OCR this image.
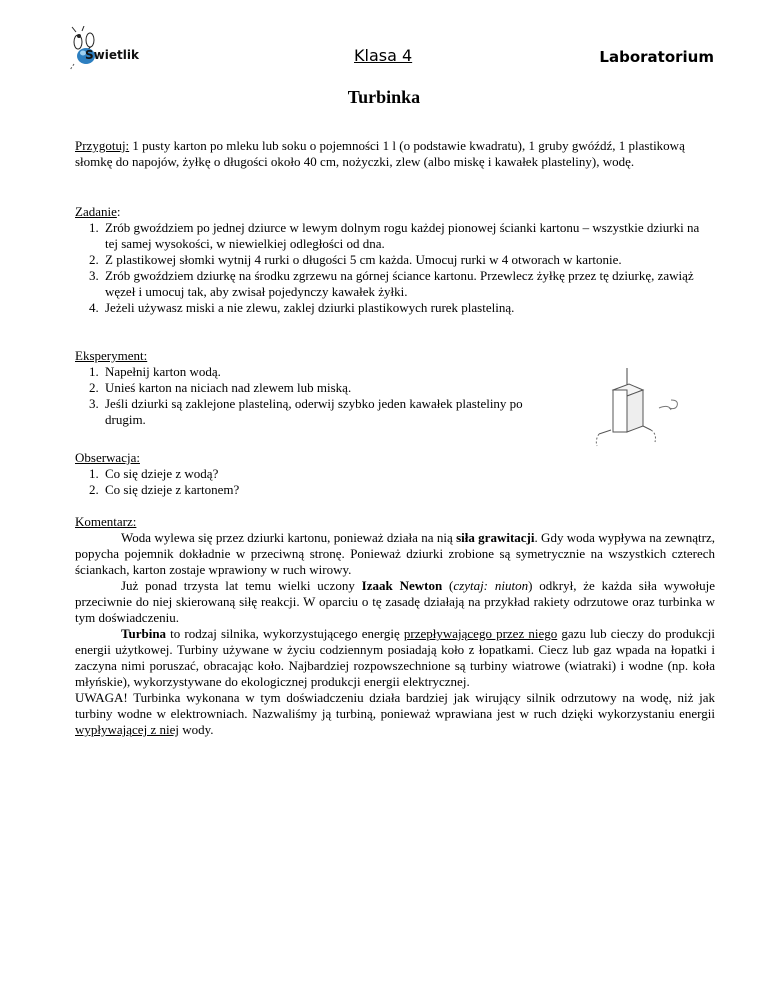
Świetlik	Klasa 4	Laboratorium
Turbinka

Przygotuj: 1 pusty karton po mleku lub soku o pojemności 1 l (o podstawie kwadratu), 1 gruby gwóźdź, 1 plastikową słomkę do napojów, żyłkę o długości około 40 cm, nożyczki, zlew (albo miskę i kawałek plasteliny), wodę.

Zadanie:

1. Zrób gwoździem po jednej dziurce w lewym dolnym rogu każdej pionowej ścianki kartonu – wszystkie dziurki na tej samej wysokości, w niewielkiej odległości od dna.
2. Z plastikowej słomki wytnij 4 rurki o długości 5 cm każda. Umocuj rurki w 4 otworach w kartonie.
3. Zrób gwoździem dziurkę na środku zgrzewu na górnej ściance kartonu. Przewlecz żyłkę przez tę dziurkę, zawiąż węzeł i umocuj tak, aby zwisał pojedynczy kawałek żyłki.
4. Jeżeli używasz miski a nie zlewu, zaklej dziurki plastikowych rurek plasteliną.

Eksperyment:

1. Napełnij karton wodą.
2. Unieś karton na niciach nad zlewem lub miską.
3. Jeśli dziurki są zaklejone plasteliną, oderwij szybko jeden kawałek plasteliny po drugim.

Obserwacja:

1. Co się dzieje z wodą?
2. Co się dzieje z kartonem?

Komentarz:

Woda wylewa się przez dziurki kartonu, ponieważ działa na nią siła grawitacji. Gdy woda wypływa na zewnątrz, popycha pojemnik dokładnie w przeciwną stronę. Ponieważ dziurki zrobione są symetrycznie na wszystkich czterech ściankach, karton zostaje wprawiony w ruch wirowy.

Już ponad trzysta lat temu wielki uczony Izaak Newton (czytaj: niuton) odkrył, że każda siła wywołuje przeciwnie do niej skierowaną siłę reakcji. W oparciu o tę zasadę działają na przykład rakiety odrzutowe oraz turbinka w tym doświadczeniu.

Turbina to rodzaj silnika, wykorzystującego energię przepływającego przez niego gazu lub cieczy do produkcji energii użytkowej. Turbiny używane w życiu codziennym posiadają koło z łopatkami. Ciecz lub gaz wpada na łopatki i zaczyna nimi poruszać, obracając koło. Najbardziej rozpowszechnione są turbiny wiatrowe (wiatraki) i wodne (np. koła młyńskie), wykorzystywane do ekologicznej produkcji energii elektrycznej.

UWAGA! Turbinka wykonana w tym doświadczeniu działa bardziej jak wirujący silnik odrzutowy na wodę, niż jak turbiny wodne w elektrowniach. Nazwaliśmy ją turbiną, ponieważ wprawiana jest w ruch dzięki wykorzystaniu energii wypływającej z niej wody.
